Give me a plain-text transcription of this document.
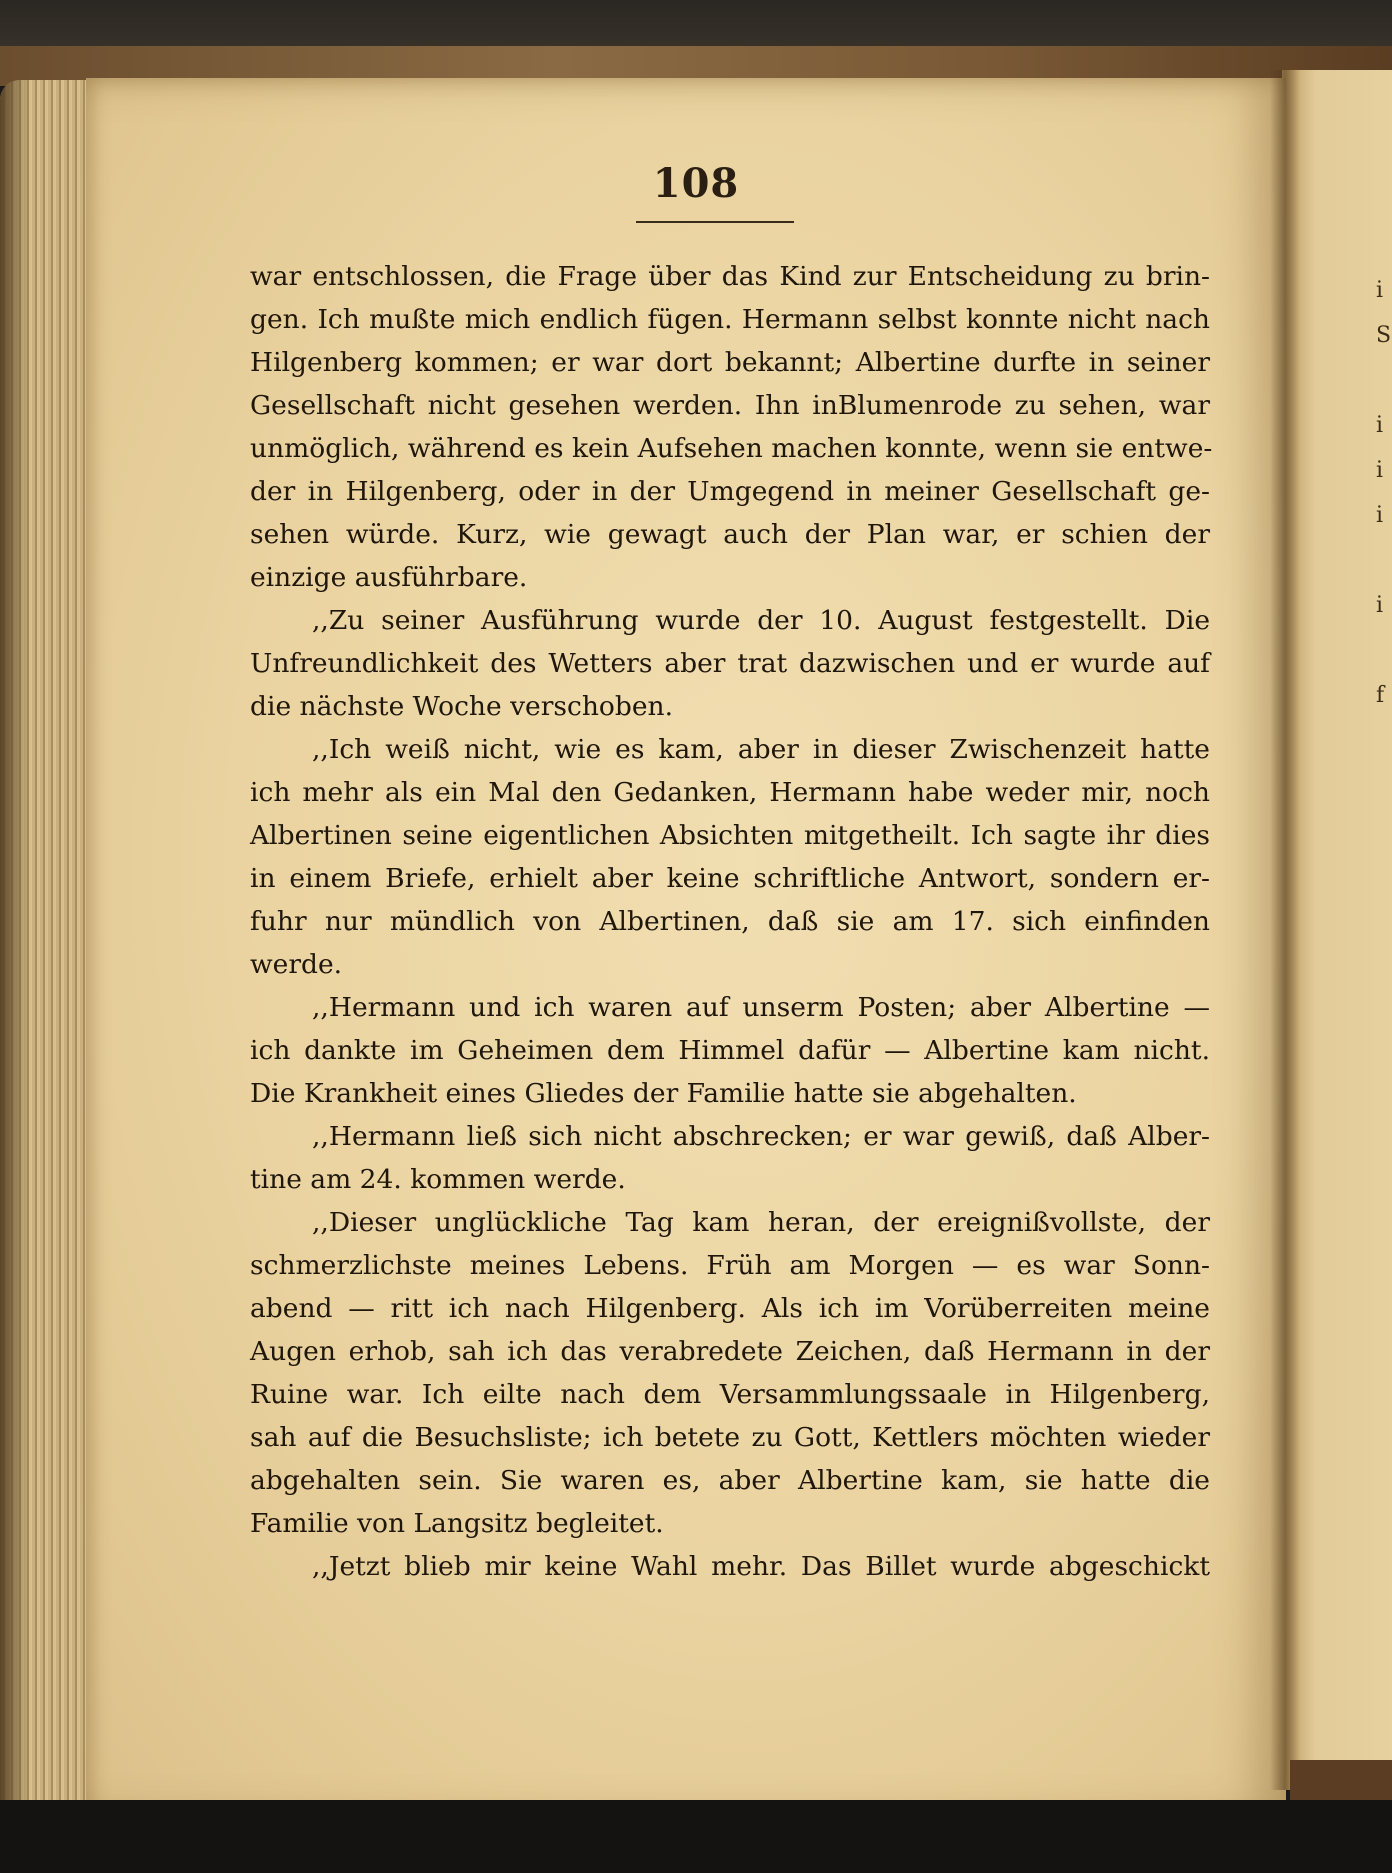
108
war entschlossen, die Frage über das Kind zur Entscheidung zu brin-
gen. Ich mußte mich endlich fügen. Hermann selbst konnte nicht nach
Hilgenberg kommen; er war dort bekannt; Albertine durfte in seiner
Gesellschaft nicht gesehen werden. Ihn inBlumenrode zu sehen, war
unmöglich, während es kein Aufsehen machen konnte, wenn sie entwe-
der in Hilgenberg, oder in der Umgegend in meiner Gesellschaft ge-
sehen würde. Kurz, wie gewagt auch der Plan war, er schien der
einzige ausführbare.
,,Zu seiner Ausführung wurde der 10. August festgestellt. Die
Unfreundlichkeit des Wetters aber trat dazwischen und er wurde auf
die nächste Woche verschoben.
,,Ich weiß nicht, wie es kam, aber in dieser Zwischenzeit hatte
ich mehr als ein Mal den Gedanken, Hermann habe weder mir, noch
Albertinen seine eigentlichen Absichten mitgetheilt. Ich sagte ihr dies
in einem Briefe, erhielt aber keine schriftliche Antwort, sondern er-
fuhr nur mündlich von Albertinen, daß sie am 17. sich einfinden
werde.
,,Hermann und ich waren auf unserm Posten; aber Albertine —
ich dankte im Geheimen dem Himmel dafür — Albertine kam nicht.
Die Krankheit eines Gliedes der Familie hatte sie abgehalten.
,,Hermann ließ sich nicht abschrecken; er war gewiß, daß Alber-
tine am 24. kommen werde.
,,Dieser unglückliche Tag kam heran, der ereignißvollste, der
schmerzlichste meines Lebens. Früh am Morgen — es war Sonn-
abend — ritt ich nach Hilgenberg. Als ich im Vorüberreiten meine
Augen erhob, sah ich das verabredete Zeichen, daß Hermann in der
Ruine war. Ich eilte nach dem Versammlungssaale in Hilgenberg,
sah auf die Besuchsliste; ich betete zu Gott, Kettlers möchten wieder
abgehalten sein. Sie waren es, aber Albertine kam, sie hatte die
Familie von Langsitz begleitet.
,,Jetzt blieb mir keine Wahl mehr. Das Billet wurde abgeschickt
i
S
i
i
i
i
f
